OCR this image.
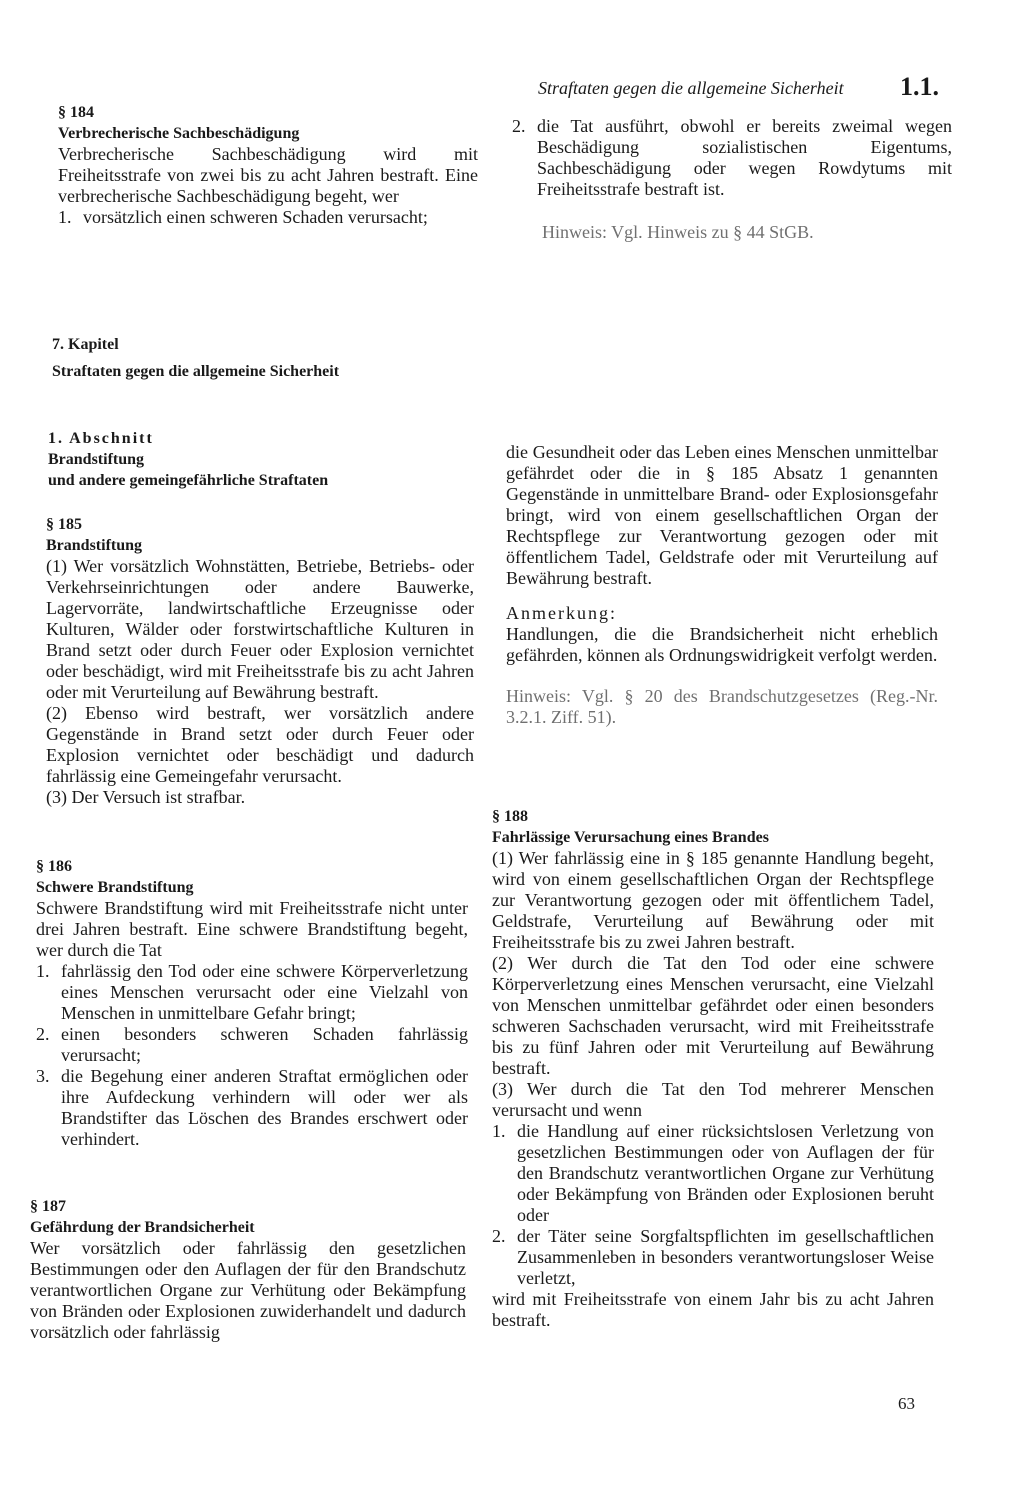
Straftaten gegen die allgemeine Sicherheit 1.1.
§ 184
Verbrecherische Sachbeschädigung

Verbrecherische Sachbeschädigung wird mit Freiheitsstrafe von zwei bis zu acht Jahren bestraft. Eine verbrecherische Sachbeschädigung begeht, wer

1. vorsätzlich einen schweren Schaden verursacht;
2. die Tat ausführt, obwohl er bereits zweimal wegen Beschädigung sozialistischen Eigentums, Sachbeschädigung oder wegen Rowdytums mit Freiheitsstrafe bestraft ist.

Hinweis: Vgl. Hinweis zu § 44 StGB.

7. Kapitel
Straftaten gegen die allgemeine Sicherheit
1. Abschnitt
Brandstiftung
und andere gemeingefährliche Straftaten
§ 185
Brandstiftung

(1) Wer vorsätzlich Wohnstätten, Betriebe, Betriebs- oder Verkehrseinrichtungen oder andere Bauwerke, Lagervorräte, landwirtschaftliche Erzeugnisse oder Kulturen, Wälder oder forstwirtschaftliche Kulturen in Brand setzt oder durch Feuer oder Explosion vernichtet oder beschädigt, wird mit Freiheitsstrafe bis zu acht Jahren oder mit Verurteilung auf Bewährung bestraft.

(2) Ebenso wird bestraft, wer vorsätzlich andere Gegenstände in Brand setzt oder durch Feuer oder Explosion vernichtet oder beschädigt und dadurch fahrlässig eine Gemeingefahr verursacht.

(3) Der Versuch ist strafbar.

§ 186
Schwere Brandstiftung

Schwere Brandstiftung wird mit Freiheitsstrafe nicht unter drei Jahren bestraft. Eine schwere Brandstiftung begeht, wer durch die Tat

1. fahrlässig den Tod oder eine schwere Körperverletzung eines Menschen verursacht oder eine Vielzahl von Menschen in unmittelbare Gefahr bringt;
2. einen besonders schweren Schaden fahrlässig verursacht;
3. die Begehung einer anderen Straftat ermöglichen oder ihre Aufdeckung verhindern will oder wer als Brandstifter das Löschen des Brandes erschwert oder verhindert.
§ 187
Gefährdung der Brandsicherheit

Wer vorsätzlich oder fahrlässig den gesetzlichen Bestimmungen oder den Auflagen der für den Brandschutz verantwortlichen Organe zur Verhütung oder Bekämpfung von Bränden oder Explosionen zuwiderhandelt und dadurch vorsätzlich oder fahrlässig

die Gesundheit oder das Leben eines Menschen unmittelbar gefährdet oder die in § 185 Absatz 1 genannten Gegenstände in unmittelbare Brand- oder Explosionsgefahr bringt, wird von einem gesellschaftlichen Organ der Rechtspflege zur Verantwortung gezogen oder mit öffentlichem Tadel, Geldstrafe oder mit Verurteilung auf Bewährung bestraft.

Anmerkung:

Handlungen, die die Brandsicherheit nicht erheblich gefährden, können als Ordnungswidrigkeit verfolgt werden.

Hinweis: Vgl. § 20 des Brandschutzgesetzes (Reg.-Nr. 3.2.1. Ziff. 51).

§ 188
Fahrlässige Verursachung eines Brandes

(1) Wer fahrlässig eine in § 185 genannte Handlung begeht, wird von einem gesellschaftlichen Organ der Rechtspflege zur Verantwortung gezogen oder mit öffentlichem Tadel, Geldstrafe, Verurteilung auf Bewährung oder mit Freiheitsstrafe bis zu zwei Jahren bestraft.

(2) Wer durch die Tat den Tod oder eine schwere Körperverletzung eines Menschen verursacht, eine Vielzahl von Menschen unmittelbar gefährdet oder einen besonders schweren Sachschaden verursacht, wird mit Freiheitsstrafe bis zu fünf Jahren oder mit Verurteilung auf Bewährung bestraft.

(3) Wer durch die Tat den Tod mehrerer Menschen verursacht und wenn

1. die Handlung auf einer rücksichtslosen Verletzung von gesetzlichen Bestimmungen oder von Auflagen der für den Brandschutz verantwortlichen Organe zur Verhütung oder Bekämpfung von Bränden oder Explosionen beruht oder
2. der Täter seine Sorgfaltspflichten im gesellschaftlichen Zusammenleben in besonders verantwortungsloser Weise verletzt,

wird mit Freiheitsstrafe von einem Jahr bis zu acht Jahren bestraft.

63
